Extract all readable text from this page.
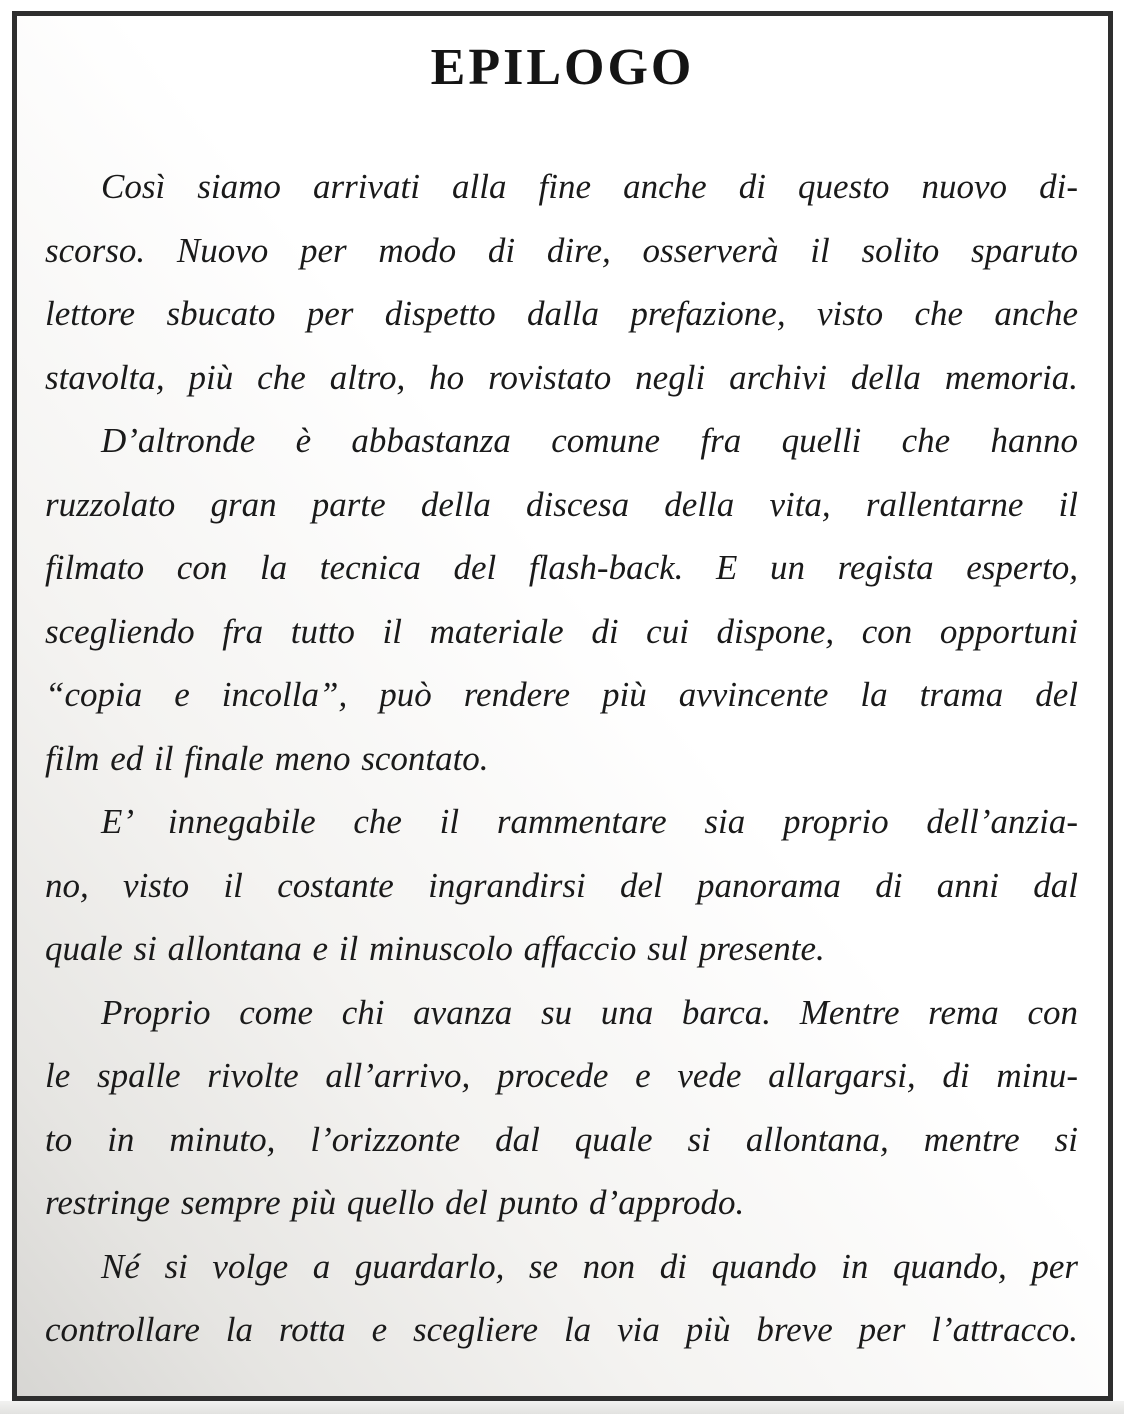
EPILOGO

Così siamo arrivati alla fine anche di questo nuovo di-
scorso. Nuovo per modo di dire, osserverà il solito sparuto
lettore sbucato per dispetto dalla prefazione, visto che anche
stavolta, più che altro, ho rovistato negli archivi della memoria.

D’altronde è abbastanza comune fra quelli che hanno
ruzzolato gran parte della discesa della vita, rallentarne il
filmato con la tecnica del flash-back. E un regista esperto,
scegliendo fra tutto il materiale di cui dispone, con opportuni
“copia e incolla”, può rendere più avvincente la trama del
film ed il finale meno scontato.

E’ innegabile che il rammentare sia proprio dell’anzia-
no, visto il costante ingrandirsi del panorama di anni dal
quale si allontana e il minuscolo affaccio sul presente.

Proprio come chi avanza su una barca. Mentre rema con
le spalle rivolte all’arrivo, procede e vede allargarsi, di minu-
to in minuto, l’orizzonte dal quale si allontana, mentre si
restringe sempre più quello del punto d’approdo.

Né si volge a guardarlo, se non di quando in quando, per
controllare la rotta e scegliere la via più breve per l’attracco.
